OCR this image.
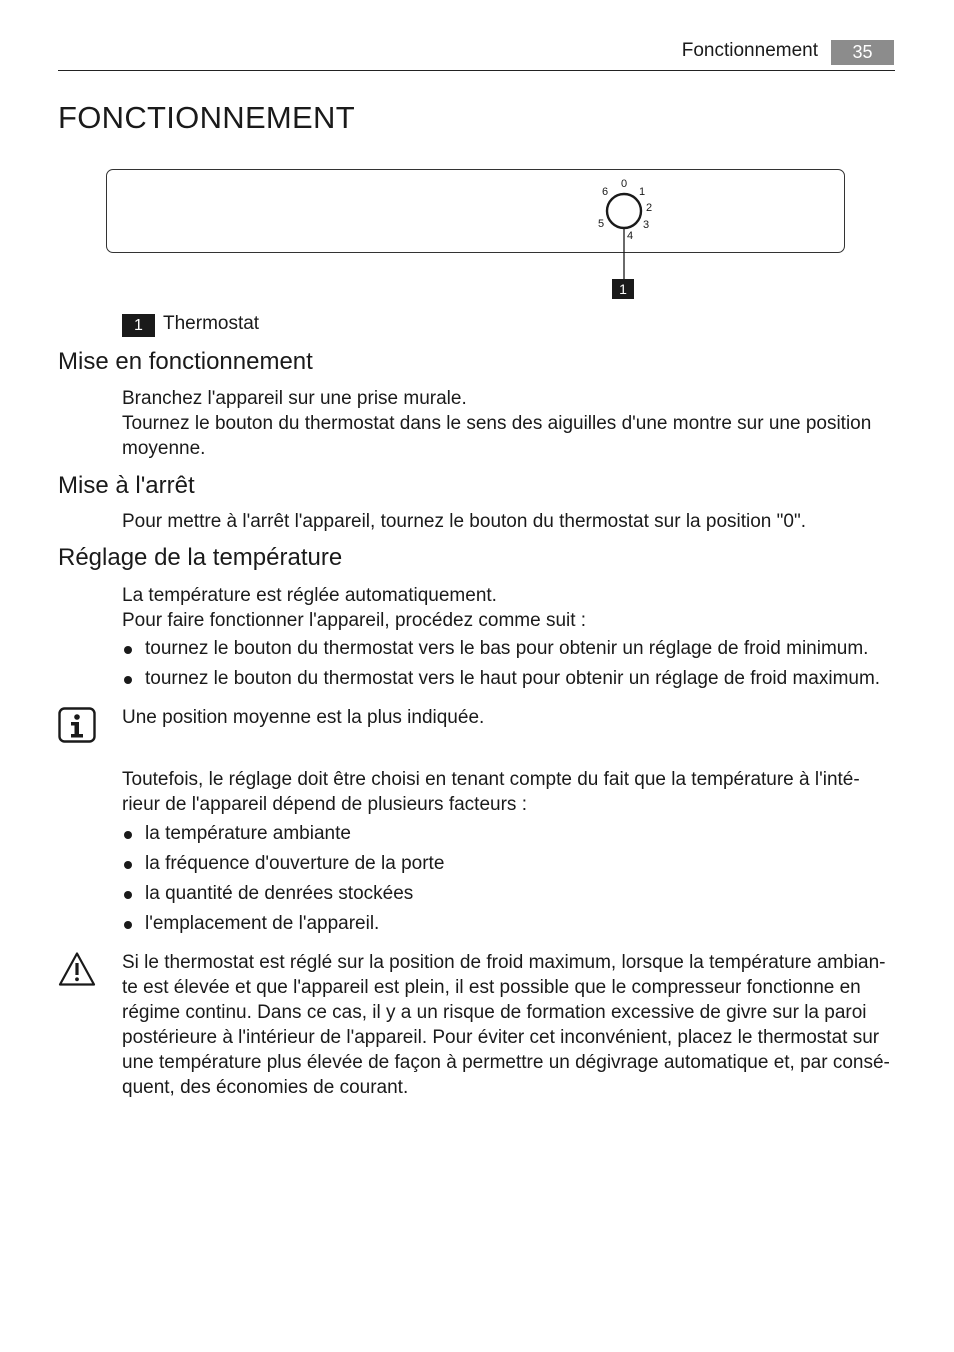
Fonctionnement	35
FONCTIONNEMENT
0
1
2
3
4
5
6
1
1	Thermostat
Mise en fonctionnement
Branchez l'appareil sur une prise murale.
Tournez le bouton du thermostat dans le sens des aiguilles d'une montre sur une position
moyenne.
Mise à l'arrêt
Pour mettre à l'arrêt l'appareil, tournez le bouton du thermostat sur la position "0".
Réglage de la température
La température est réglée automatiquement.
Pour faire fonctionner l'appareil, procédez comme suit :
tournez le bouton du thermostat vers le bas pour obtenir un réglage de froid minimum.
tournez le bouton du thermostat vers le haut pour obtenir un réglage de froid maximum.
Une position moyenne est la plus indiquée.
Toutefois, le réglage doit être choisi en tenant compte du fait que la température à l'inté-
rieur de l'appareil dépend de plusieurs facteurs :
la température ambiante
la fréquence d'ouverture de la porte
la quantité de denrées stockées
l'emplacement de l'appareil.
Si le thermostat est réglé sur la position de froid maximum, lorsque la température ambian-
te est élevée et que l'appareil est plein, il est possible que le compresseur fonctionne en
régime continu. Dans ce cas, il y a un risque de formation excessive de givre sur la paroi
postérieure à l'intérieur de l'appareil. Pour éviter cet inconvénient, placez le thermostat sur
une température plus élevée de façon à permettre un dégivrage automatique et, par consé-
quent, des économies de courant.
